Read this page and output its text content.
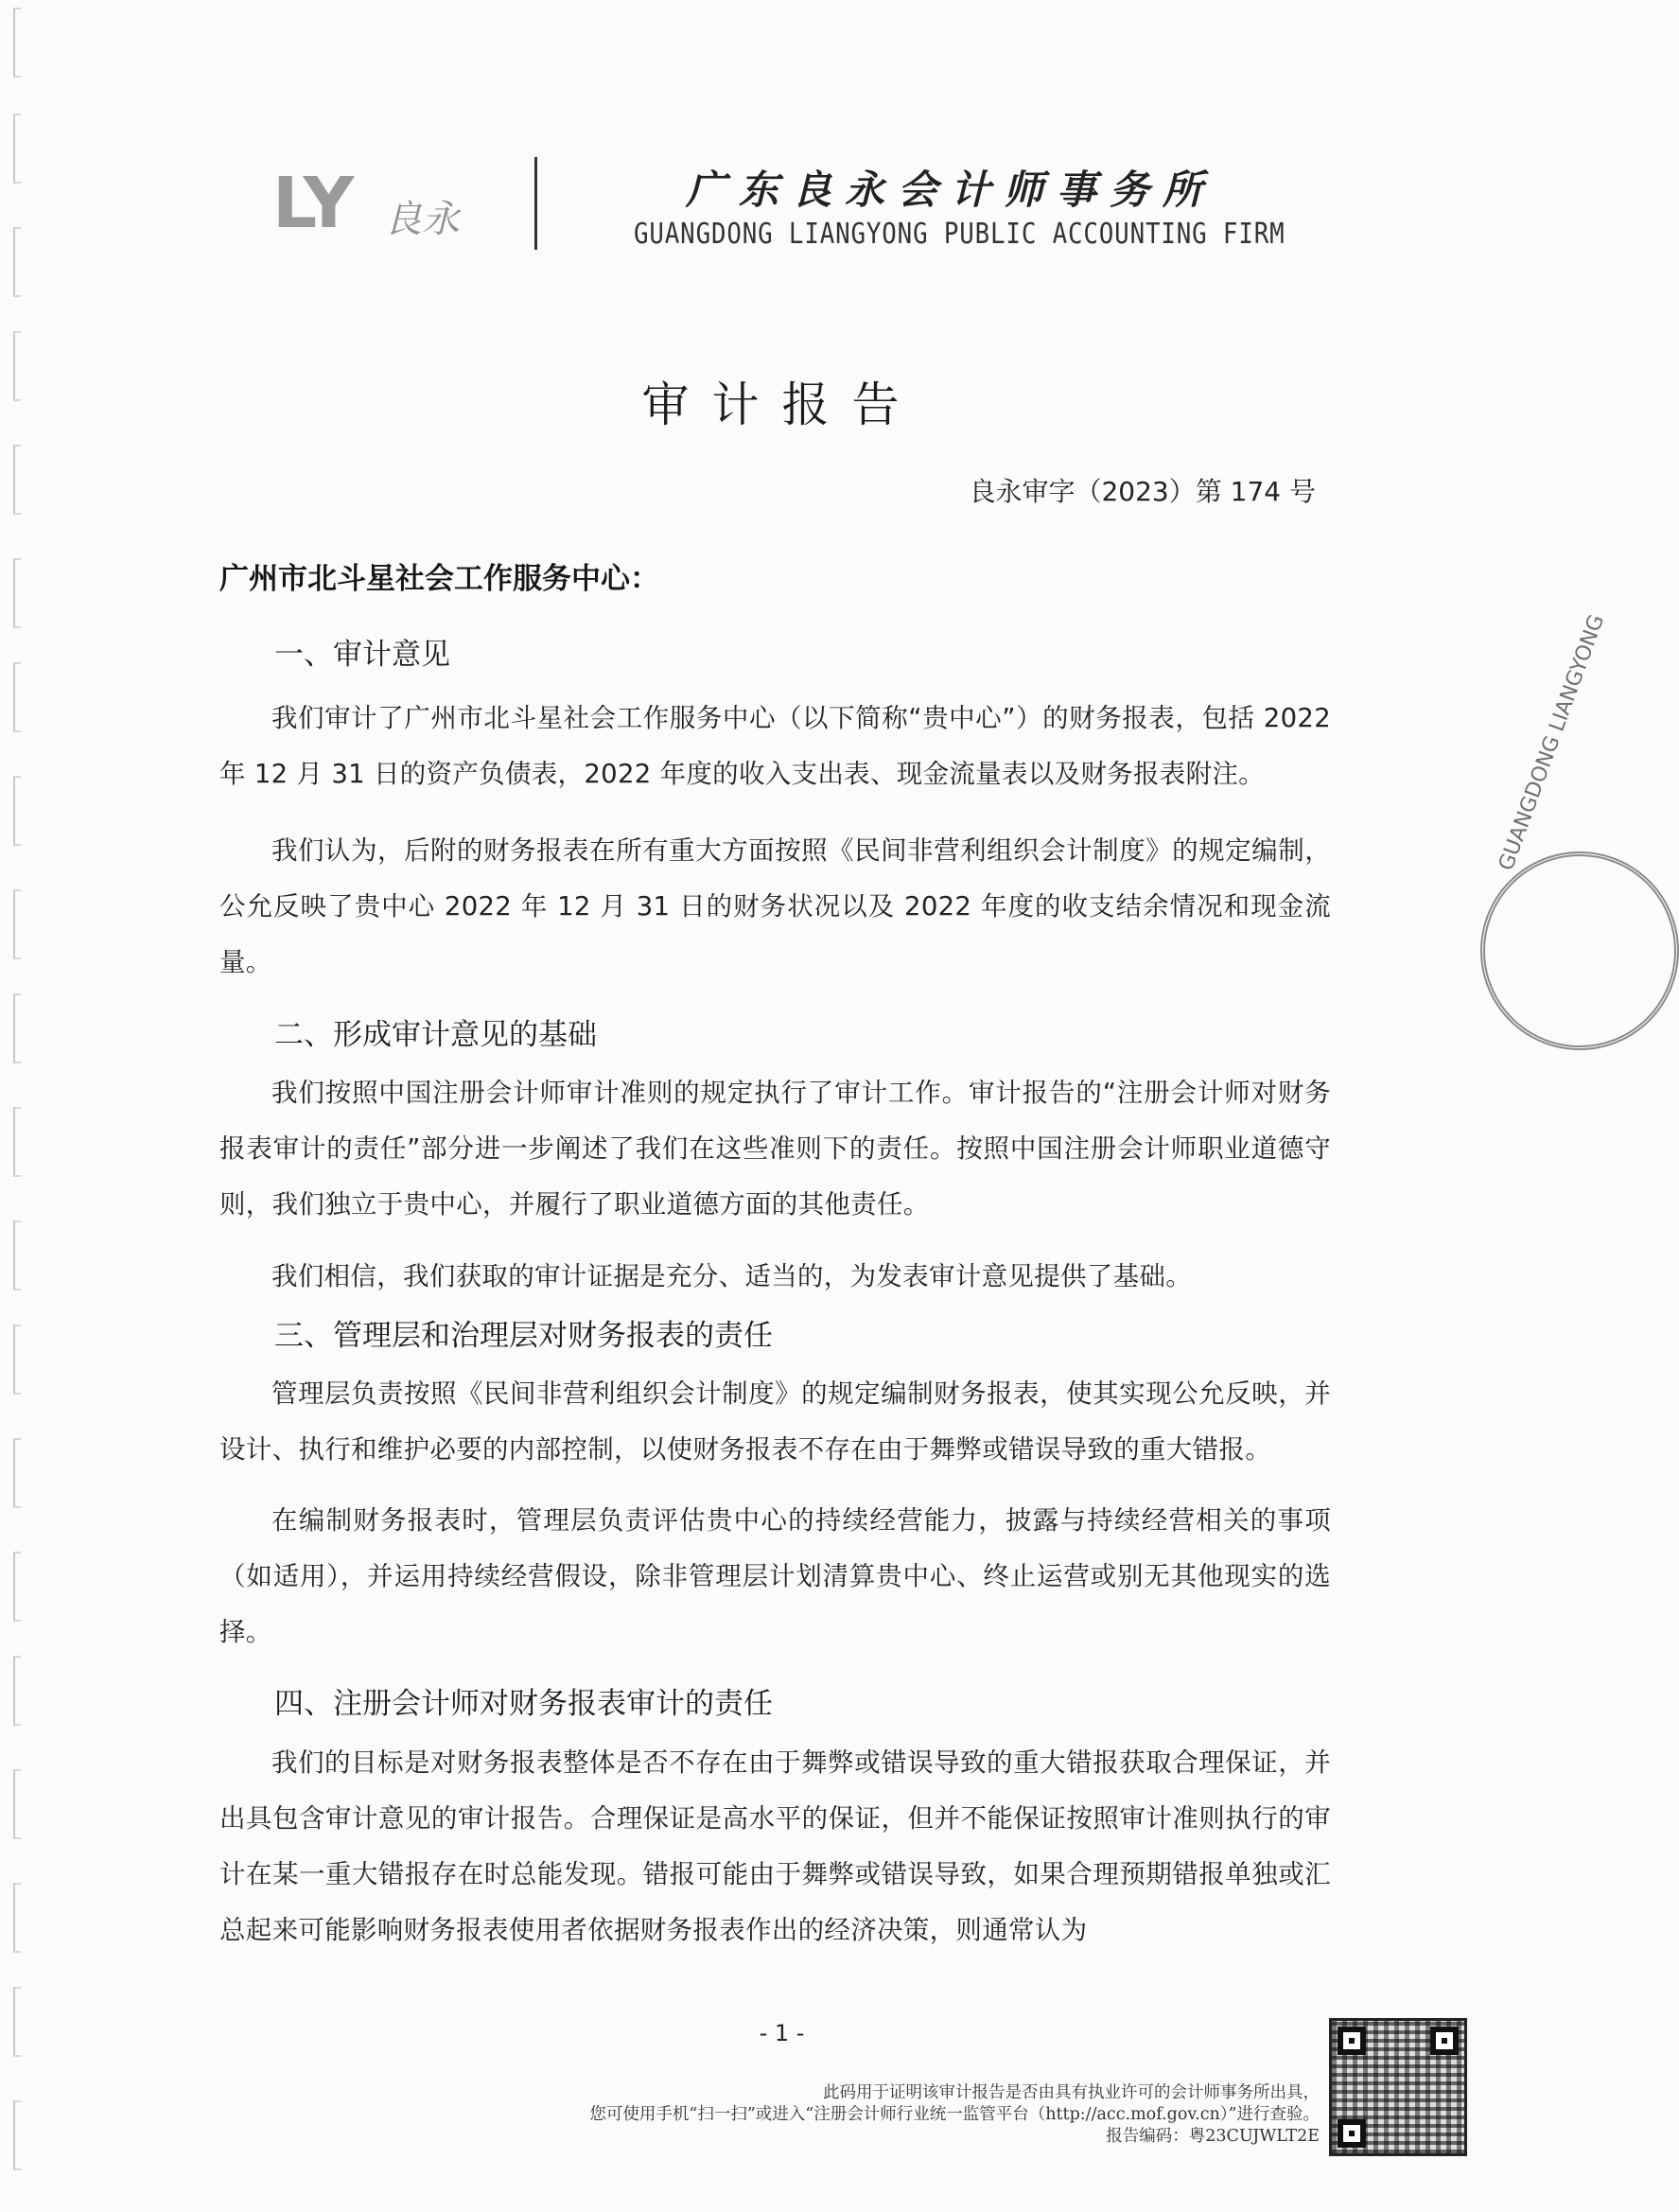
LY 良永
广东良永会计师事务所
GUANGDONG LIANGYONG PUBLIC ACCOUNTING FIRM
审计报告
良永审字（2023）第 174 号
广州市北斗星社会工作服务中心：
一、审计意见
我们审计了广州市北斗星社会工作服务中心（以下简称“贵中心”）的财务报表，包括 2022 年 12 月 31 日的资产负债表，2022 年度的收入支出表、现金流量表以及财务报表附注。
我们认为，后附的财务报表在所有重大方面按照《民间非营利组织会计制度》的规定编制，公允反映了贵中心 2022 年 12 月 31 日的财务状况以及 2022 年度的收支结余情况和现金流量。
二、形成审计意见的基础
我们按照中国注册会计师审计准则的规定执行了审计工作。审计报告的“注册会计师对财务报表审计的责任”部分进一步阐述了我们在这些准则下的责任。按照中国注册会计师职业道德守则，我们独立于贵中心，并履行了职业道德方面的其他责任。
我们相信，我们获取的审计证据是充分、适当的，为发表审计意见提供了基础。
三、管理层和治理层对财务报表的责任
管理层负责按照《民间非营利组织会计制度》的规定编制财务报表，使其实现公允反映，并设计、执行和维护必要的内部控制，以使财务报表不存在由于舞弊或错误导致的重大错报。
在编制财务报表时，管理层负责评估贵中心的持续经营能力，披露与持续经营相关的事项（如适用），并运用持续经营假设，除非管理层计划清算贵中心、终止运营或别无其他现实的选择。
四、注册会计师对财务报表审计的责任
我们的目标是对财务报表整体是否不存在由于舞弊或错误导致的重大错报获取合理保证，并出具包含审计意见的审计报告。合理保证是高水平的保证，但并不能保证按照审计准则执行的审计在某一重大错报存在时总能发现。错报可能由于舞弊或错误导致，如果合理预期错报单独或汇总起来可能影响财务报表使用者依据财务报表作出的经济决策，则通常认为
- 1 -
此码用于证明该审计报告是否由具有执业许可的会计师事务所出具，
您可使用手机“扫一扫”或进入“注册会计师行业统一监管平台（http://acc.mof.gov.cn）”进行查验。
报告编码：粤23CUJWLT2E
GUANGDONG LIANGYONG
